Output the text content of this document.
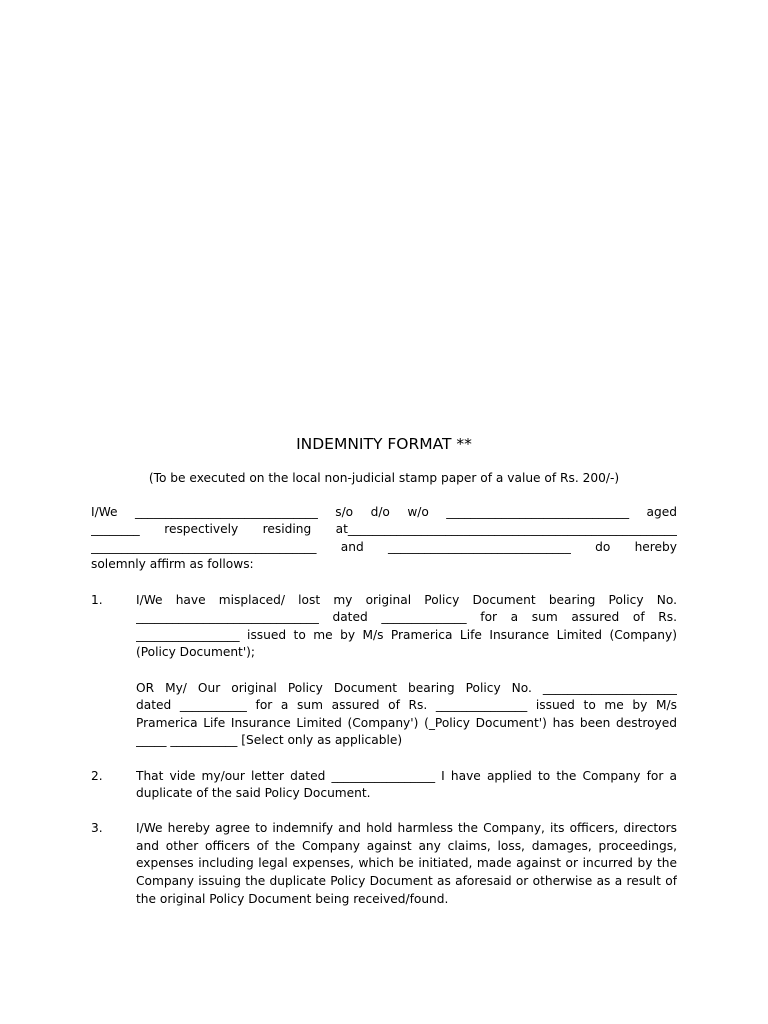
INDEMNITY FORMAT **
(To be executed on the local non-judicial stamp paper of a value of Rs. 200/-)
I/We ______________________________ s/o d/o w/o ______________________________ aged
________ respectively residing at______________________________________________________
_____________________________________ and ______________________________ do hereby
solemnly affirm as follows:
1.	I/We have misplaced/ lost my original Policy Document bearing Policy No.
______________________________ dated ______________ for a sum assured of Rs.
_________________ issued to me by M/s Pramerica Life Insurance Limited (Company)
(Policy Document');
OR My/ Our original Policy Document bearing Policy No. ______________________
dated ___________ for a sum assured of Rs. _______________ issued to me by M/s
Pramerica Life Insurance Limited (Company') (_Policy Document') has been destroyed
_____ ___________ [Select only as applicable)
2.	That vide my/our letter dated _________________ I have applied to the Company for a
duplicate of the said Policy Document.
3.	I/We hereby agree to indemnify and hold harmless the Company, its officers, directors
and other officers of the Company against any claims, loss, damages, proceedings,
expenses including legal expenses, which be initiated, made against or incurred by the
Company issuing the duplicate Policy Document as aforesaid or otherwise as a result of
the original Policy Document being received/found.
